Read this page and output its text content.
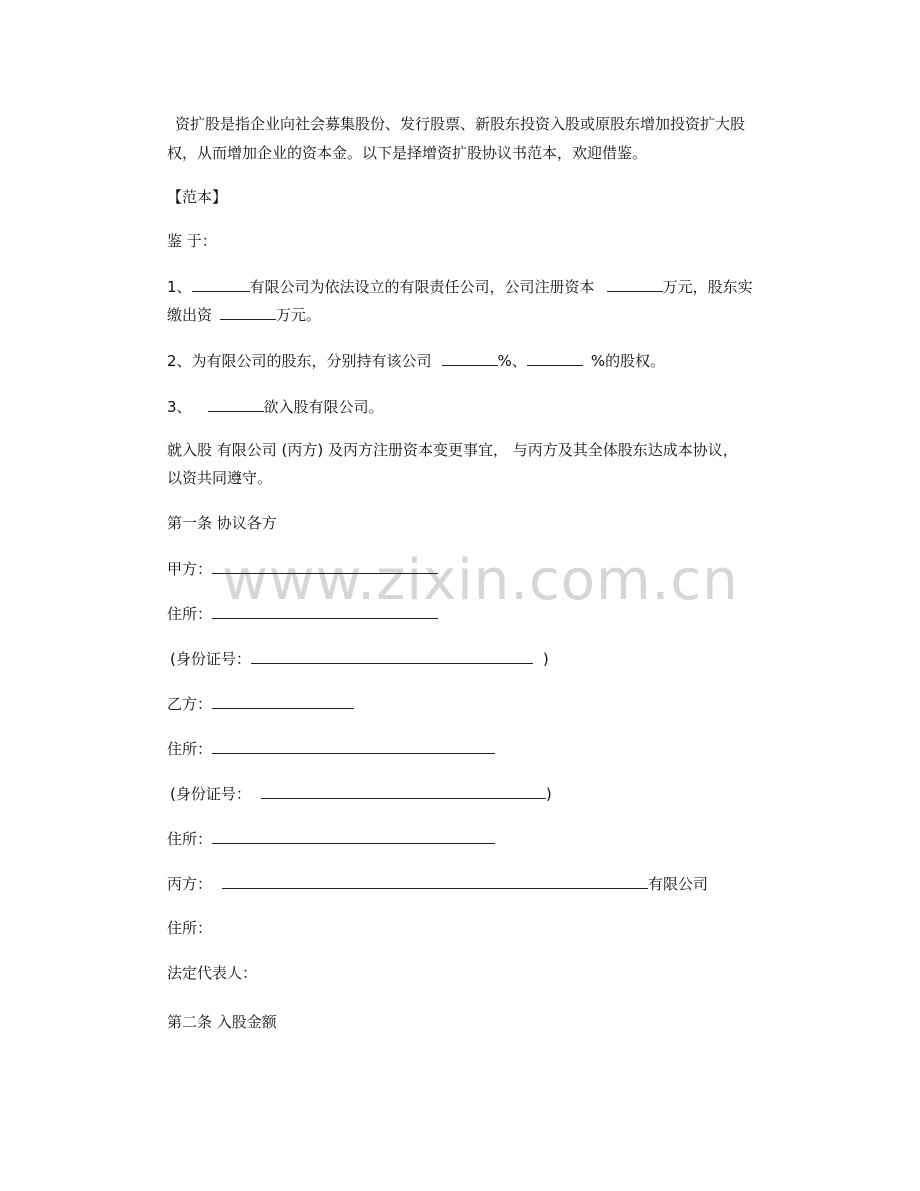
www.zixin.com.cn
资扩股是指企业向社会募集股份、发行股票、新股东投资入股或原股东增加投资扩大股
权，从而增加企业的资本金。以下是择增资扩股协议书范本，欢迎借鉴。
【范本】
鉴 于：
1、	有限公司为依法设立的有限责任公司，公司注册资本	万元，股东实
缴出资	万元。
2、为有限公司的股东，分别持有该公司	%、	%的股权。
3、	欲入股有限公司。
就入股 有限公司 (丙方) 及丙方注册资本变更事宜， 与丙方及其全体股东达成本协议，
以资共同遵守。
第一条 协议各方
甲方：
住所：
(身份证号：	)
乙方：
住所：
(身份证号：	)
住所：
丙方：	有限公司
住所：
法定代表人：
第二条 入股金额
